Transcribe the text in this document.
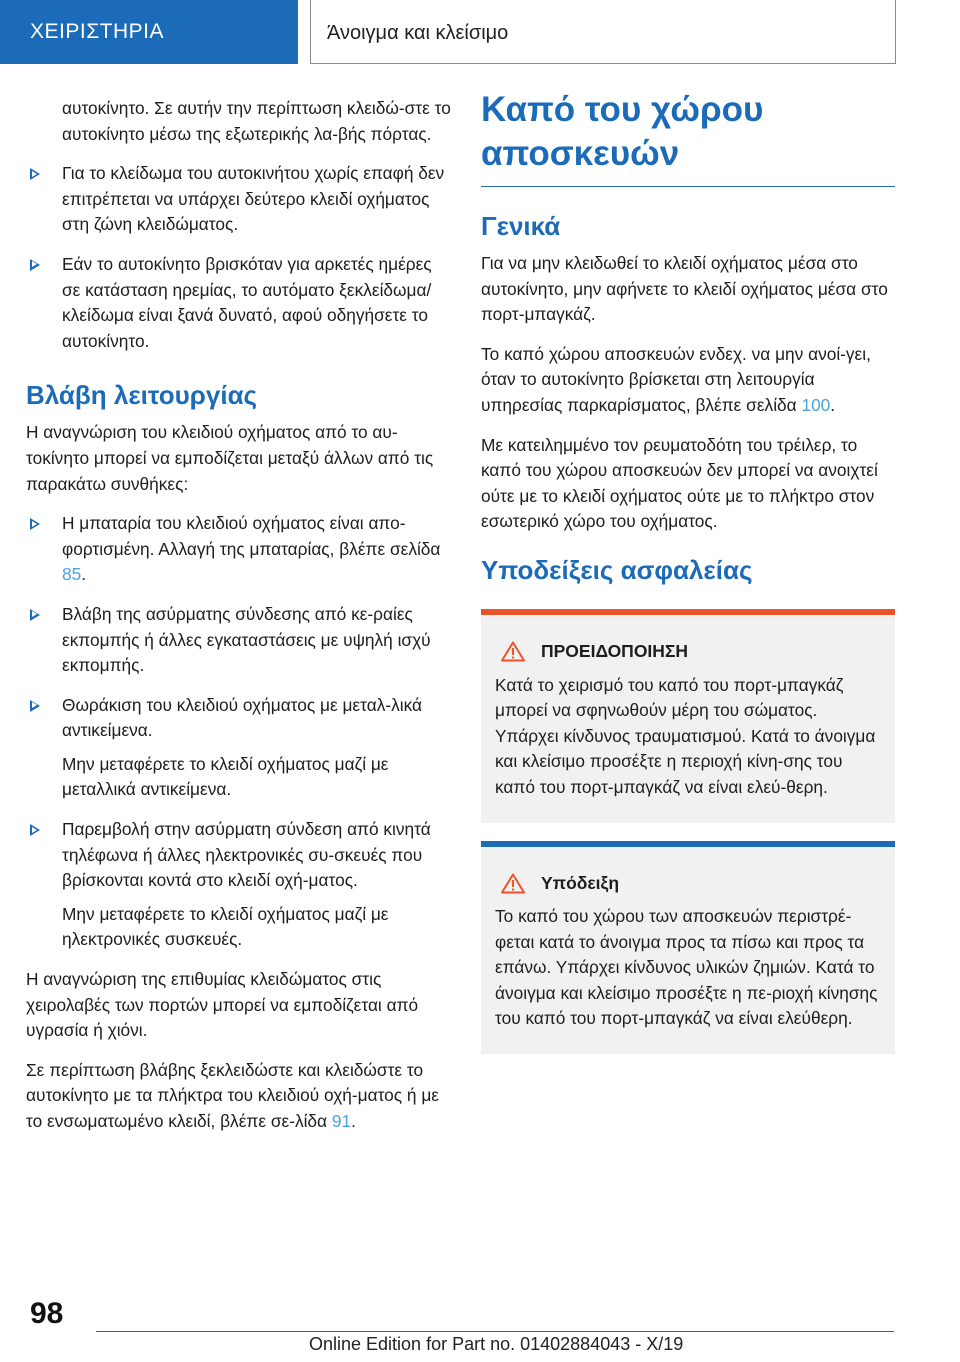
ΧΕΙΡΙΣΤΗΡΙΑ	Άνοιγμα και κλείσιμο

αυτοκίνητο. Σε αυτήν την περίπτωση κλειδώ-στε το αυτοκίνητο μέσω της εξωτερικής λα-βής πόρτας.

Για το κλείδωμα του αυτοκινήτου χωρίς επαφή δεν επιτρέπεται να υπάρχει δεύτερο κλειδί οχήματος στη ζώνη κλειδώματος.
Εάν το αυτοκίνητο βρισκόταν για αρκετές ημέρες σε κατάσταση ηρεμίας, το αυτόματο ξεκλείδωμα/κλείδωμα είναι ξανά δυνατό, αφού οδηγήσετε το αυτοκίνητο.
Βλάβη λειτουργίας

Η αναγνώριση του κλειδιού οχήματος από το αυ-τοκίνητο μπορεί να εμποδίζεται μεταξύ άλλων από τις παρακάτω συνθήκες:

Η μπαταρία του κλειδιού οχήματος είναι απο-φορτισμένη. Αλλαγή της μπαταρίας, βλέπε σελίδα 85.
Βλάβη της ασύρματης σύνδεσης από κε-ραίες εκπομπής ή άλλες εγκαταστάσεις με υψηλή ισχύ εκπομπής.
Θωράκιση του κλειδιού οχήματος με μεταλ-λικά αντικείμενα.

Μην μεταφέρετε το κλειδί οχήματος μαζί με μεταλλικά αντικείμενα.

Παρεμβολή στην ασύρματη σύνδεση από κινητά τηλέφωνα ή άλλες ηλεκτρονικές συ-σκευές που βρίσκονται κοντά στο κλειδί οχή-ματος.

Μην μεταφέρετε το κλειδί οχήματος μαζί με ηλεκτρονικές συσκευές.

Η αναγνώριση της επιθυμίας κλειδώματος στις χειρολαβές των πορτών μπορεί να εμποδίζεται από υγρασία ή χιόνι.

Σε περίπτωση βλάβης ξεκλειδώστε και κλειδώστε το αυτοκίνητο με τα πλήκτρα του κλειδιού οχή-ματος ή με το ενσωματωμένο κλειδί, βλέπε σε-λίδα 91.

Καπό του χώρου αποσκευών
Γενικά

Για να μην κλειδωθεί το κλειδί οχήματος μέσα στο αυτοκίνητο, μην αφήνετε το κλειδί οχήματος μέσα στο πορτ-μπαγκάζ.

Το καπό χώρου αποσκευών ενδεχ. να μην ανοί-γει, όταν το αυτοκίνητο βρίσκεται στη λειτουργία υπηρεσίας παρκαρίσματος, βλέπε σελίδα 100.

Με κατειλημμένο τον ρευματοδότη του τρέιλερ, το καπό του χώρου αποσκευών δεν μπορεί να ανοιχτεί ούτε με το κλειδί οχήματος ούτε με το πλήκτρο στον εσωτερικό χώρο του οχήματος.

Υποδείξεις ασφαλείας
ΠΡΟΕΙΔΟΠΟΙΗΣΗ
Κατά το χειρισμό του καπό του πορτ-μπαγκάζ μπορεί να σφηνωθούν μέρη του σώματος. Υπάρχει κίνδυνος τραυματισμού. Κατά το άνοιγμα και κλείσιμο προσέξτε η περιοχή κίνη-σης του καπό του πορτ-μπαγκάζ να είναι ελεύ-θερη.
Υπόδειξη
Το καπό του χώρου των αποσκευών περιστρέ-φεται κατά το άνοιγμα προς τα πίσω και προς τα επάνω. Υπάρχει κίνδυνος υλικών ζημιών. Κατά το άνοιγμα και κλείσιμο προσέξτε η πε-ριοχή κίνησης του καπό του πορτ-μπαγκάζ να είναι ελεύθερη.
98
Online Edition for Part no. 01402884043 - X/19
